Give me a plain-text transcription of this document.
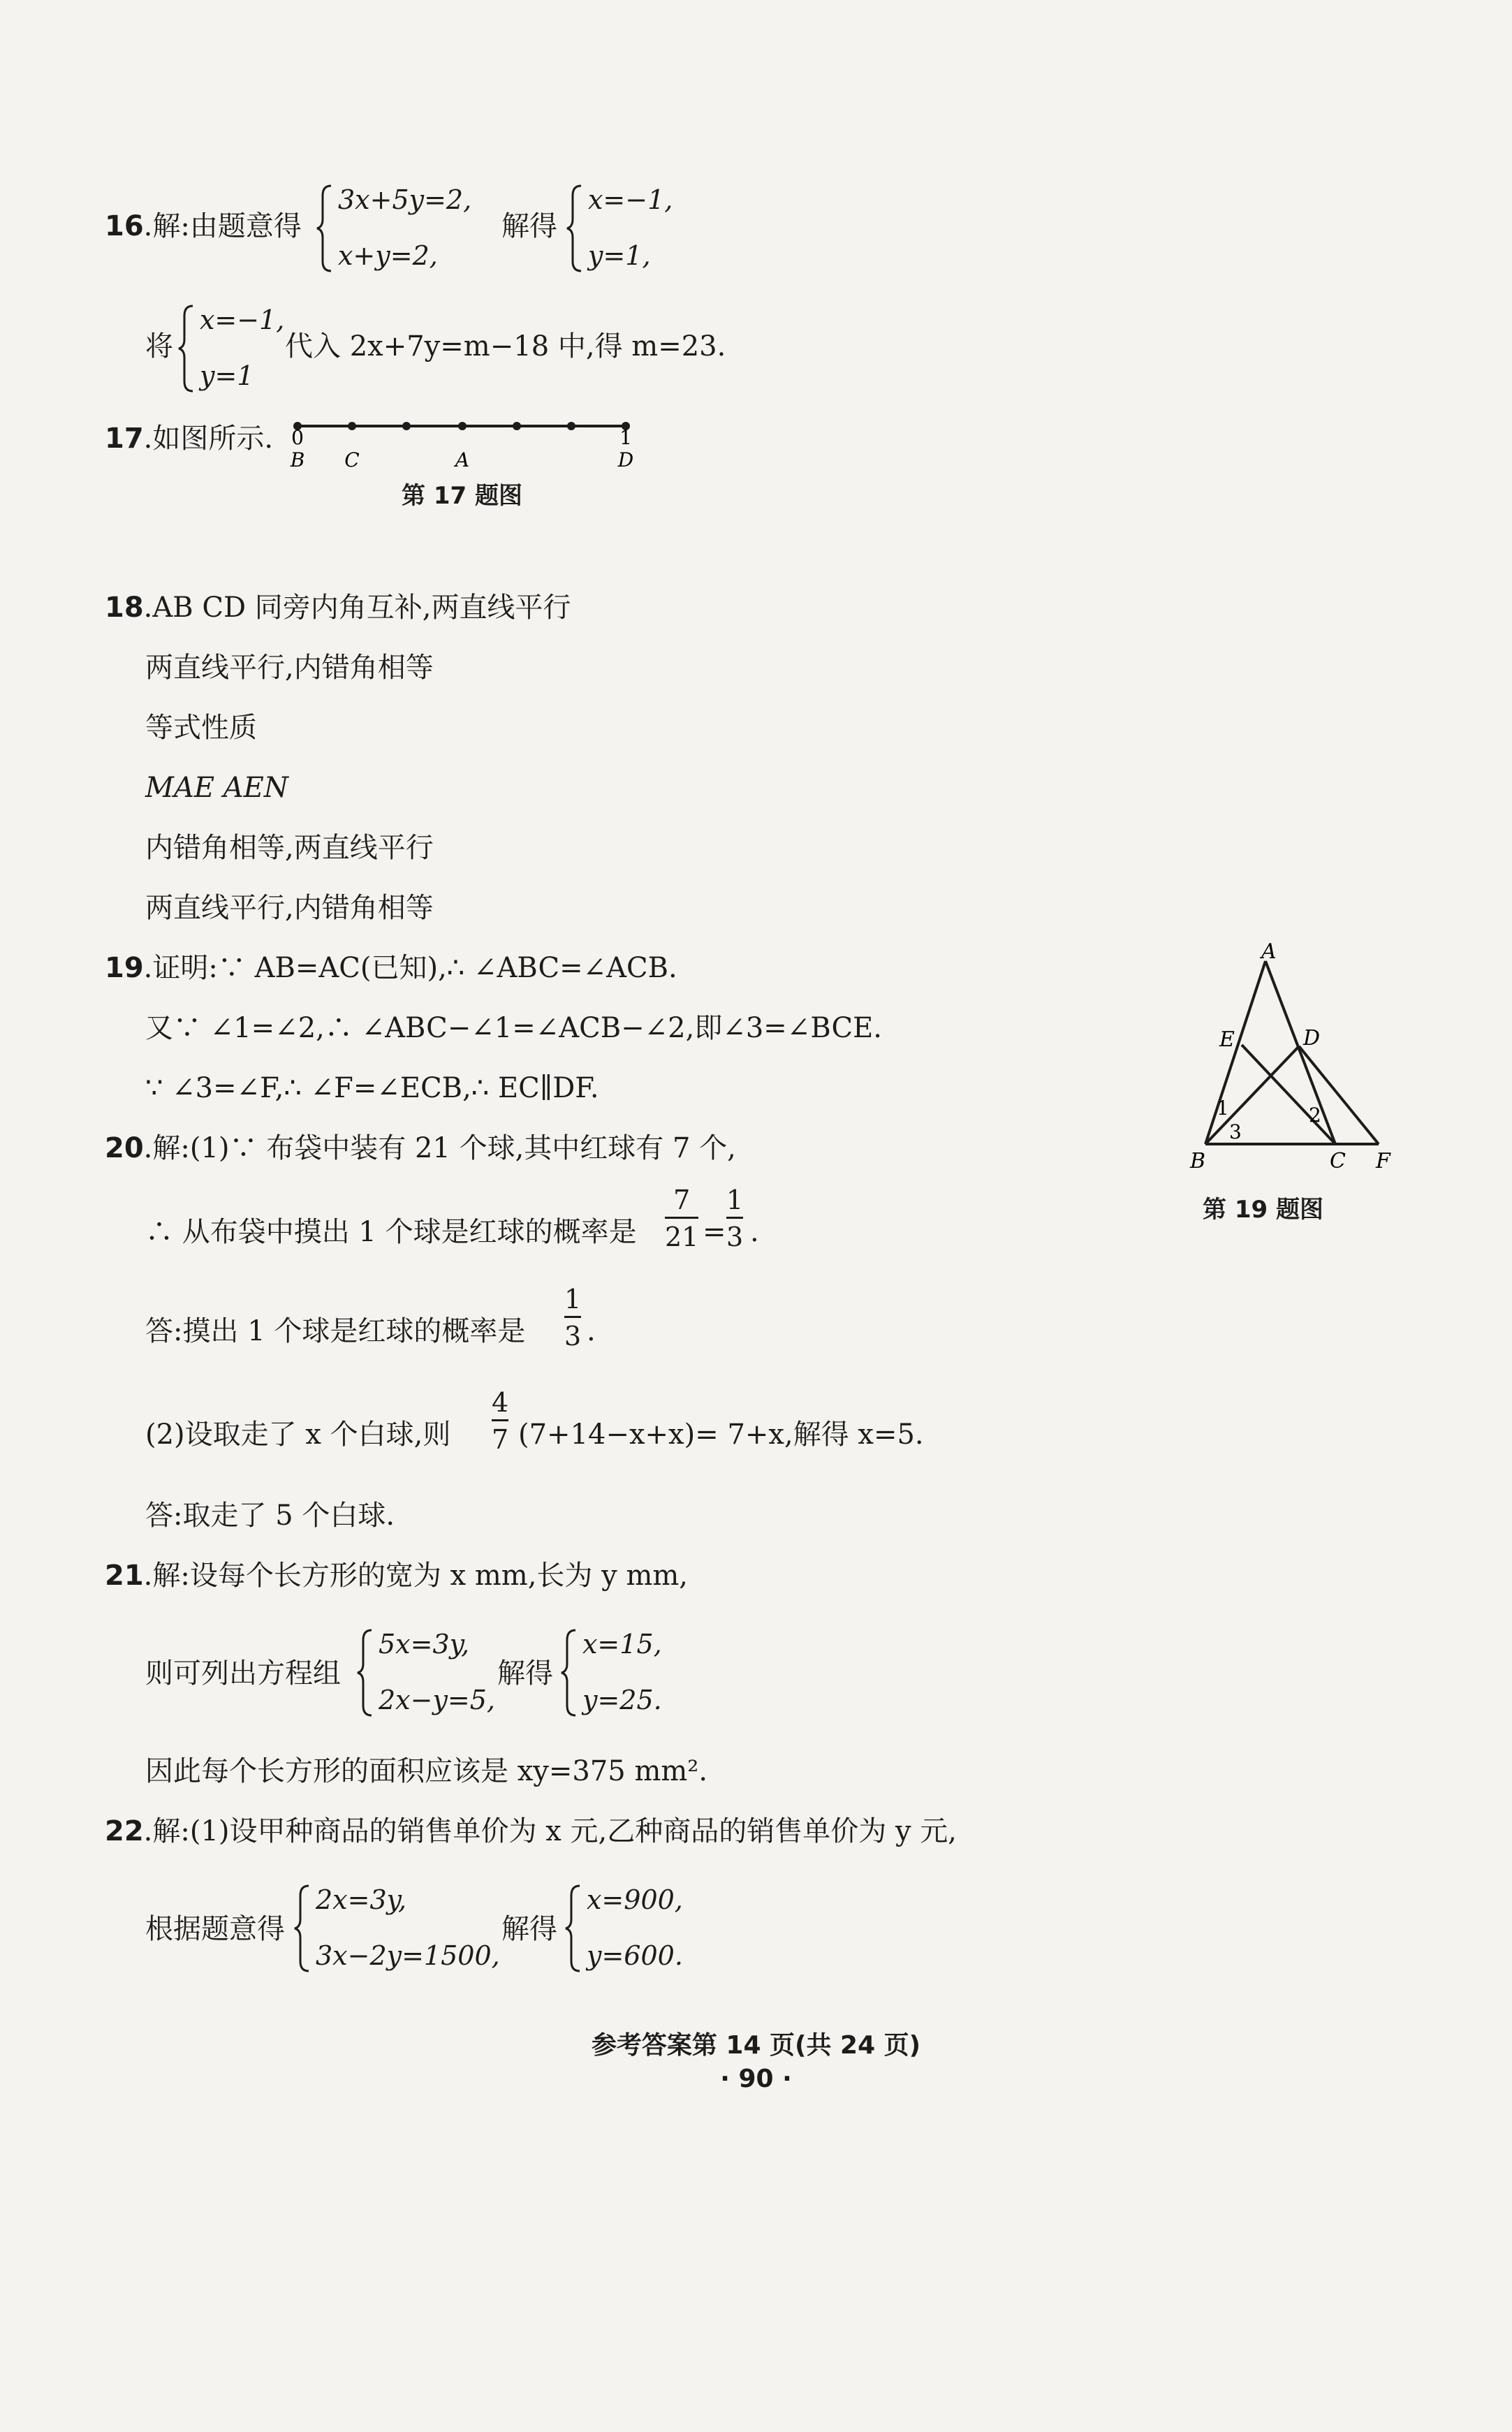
16.解:由题意得
3x+5y=2,
x+y=2,
解得
x=−1,
y=1,
将
x=−1,
y=1
代入 2x+7y=m−18 中,得 m=23.
17.如图所示. 0	1
B C	A	D
第 17 题图
18.AB CD 同旁内角互补,两直线平行
两直线平行,内错角相等
等式性质
MAE AEN
内错角相等,两直线平行
两直线平行,内错角相等
19.证明:∵ AB=AC(已知),∴ ∠ABC=∠ACB.
又∵ ∠1=∠2,∴ ∠ABC−∠1=∠ACB−∠2,即∠3=∠BCE.
∵ ∠3=∠F,∴ ∠F=∠ECB,∴ EC∥DF.
A
E	D
B	C F
1	2
3
第 19 题图
20.解:(1)∵ 布袋中装有 21 个球,其中红球有 7 个,
∴ 从布袋中摸出 1 个球是红球的概率是
7
21 =
1
3 .
答:摸出 1 个球是红球的概率是
1
3 .
(2)设取走了 x 个白球,则
4
7 (7+14−x+x)= 7+x,解得 x=5.
答:取走了 5 个白球.
21.解:设每个长方形的宽为 x mm,长为 y mm,
则可列出方程组
5x=3y,
2x−y=5,
解得
x=15,
y=25.
因此每个长方形的面积应该是 xy=375 mm².
22.解:(1)设甲种商品的销售单价为 x 元,乙种商品的销售单价为 y 元,
根据题意得
2x=3y,
3x−2y=1500,
解得
x=900,
y=600.
参考答案第 14 页(共 24 页)
· 90 ·
